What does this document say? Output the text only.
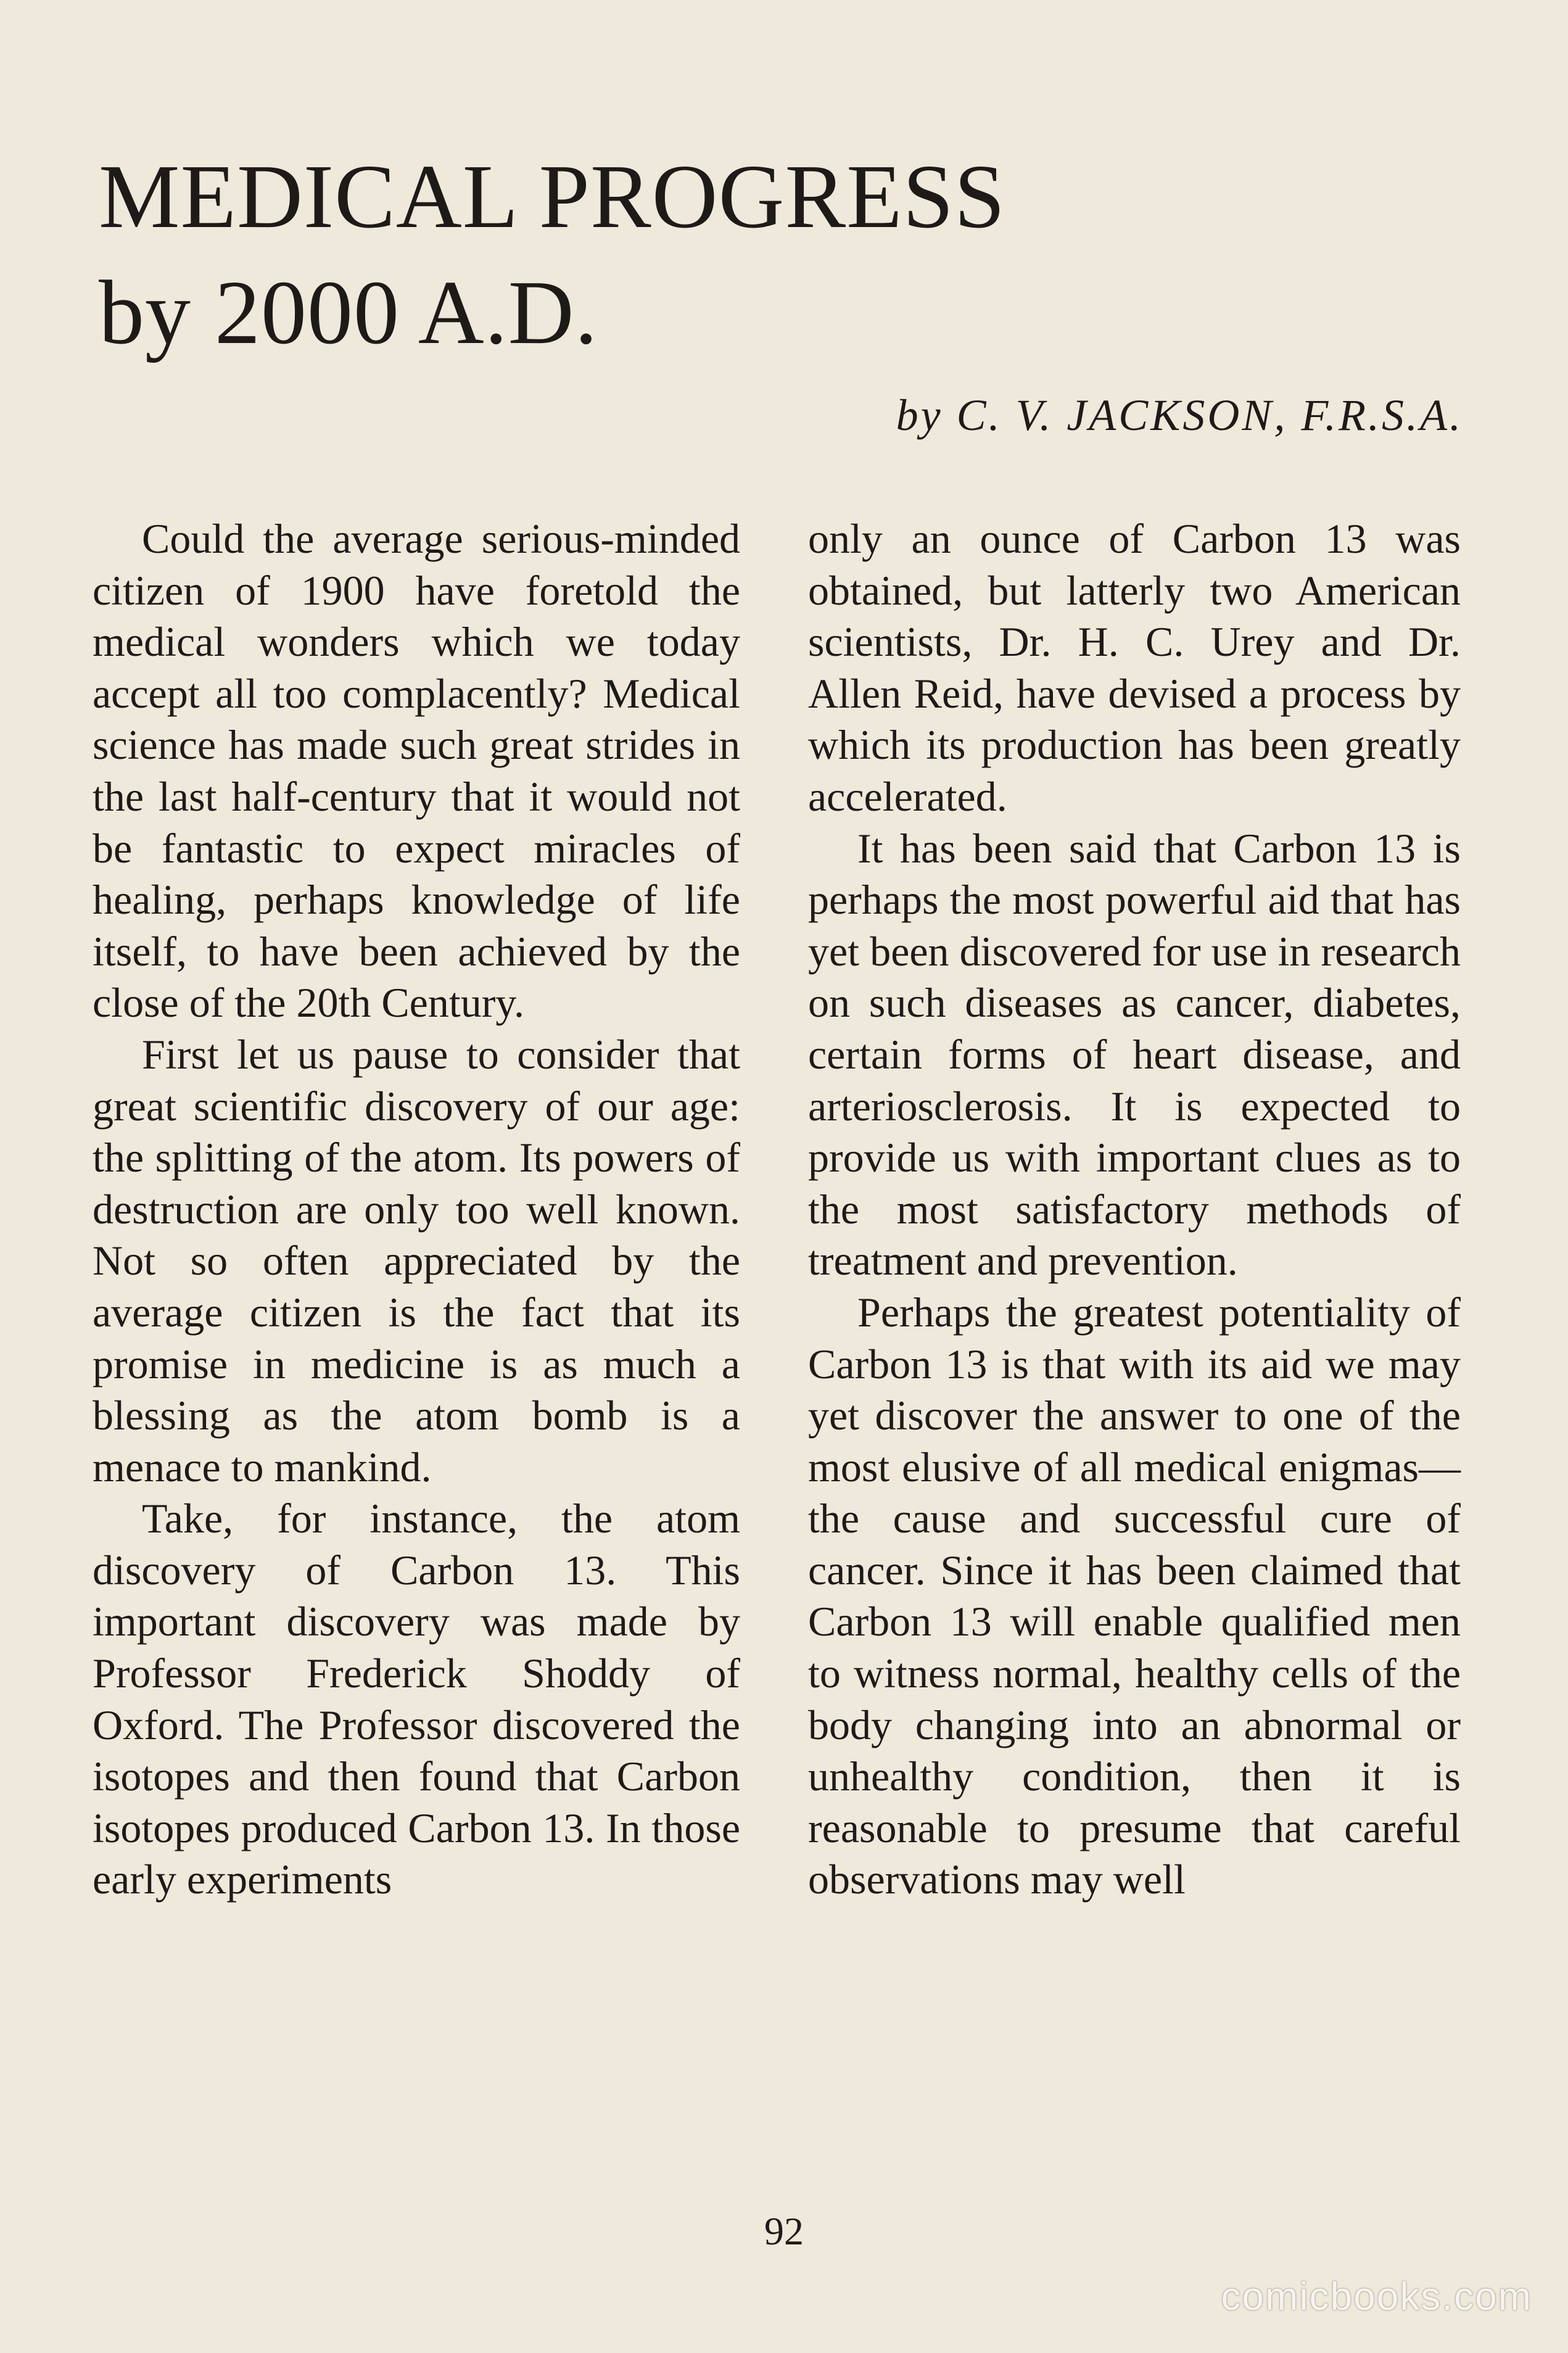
MEDICAL PROGRESS
by 2000 A.D.
by C. V. JACKSON, F.R.S.A.

Could the average serious-minded citizen of 1900 have foretold the medical wonders which we today accept all too complacently? Medical science has made such great strides in the last half-century that it would not be fantastic to expect miracles of healing, perhaps knowledge of life itself, to have been achieved by the close of the 20th Century.

First let us pause to consider that great scientific discovery of our age: the splitting of the atom. Its powers of destruction are only too well known. Not so often appreciated by the average citizen is the fact that its promise in medicine is as much a blessing as the atom bomb is a menace to mankind.

Take, for instance, the atom discovery of Carbon 13. This important discovery was made by Professor Frederick Shoddy of Oxford. The Professor discovered the isotopes and then found that Carbon isotopes produced Carbon 13. In those early experiments

only an ounce of Carbon 13 was obtained, but latterly two American scientists, Dr. H. C. Urey and Dr. Allen Reid, have devised a process by which its production has been greatly accelerated.

It has been said that Carbon 13 is perhaps the most powerful aid that has yet been discovered for use in research on such diseases as cancer, diabetes, certain forms of heart disease, and arteriosclerosis. It is expected to provide us with important clues as to the most satisfactory methods of treatment and prevention.

Perhaps the greatest potentiality of Carbon 13 is that with its aid we may yet discover the answer to one of the most elusive of all medical enigmas—the cause and successful cure of cancer. Since it has been claimed that Carbon 13 will enable qualified men to witness normal, healthy cells of the body changing into an abnormal or unhealthy condition, then it is reasonable to presume that careful observations may well

92
comicbooks.com
